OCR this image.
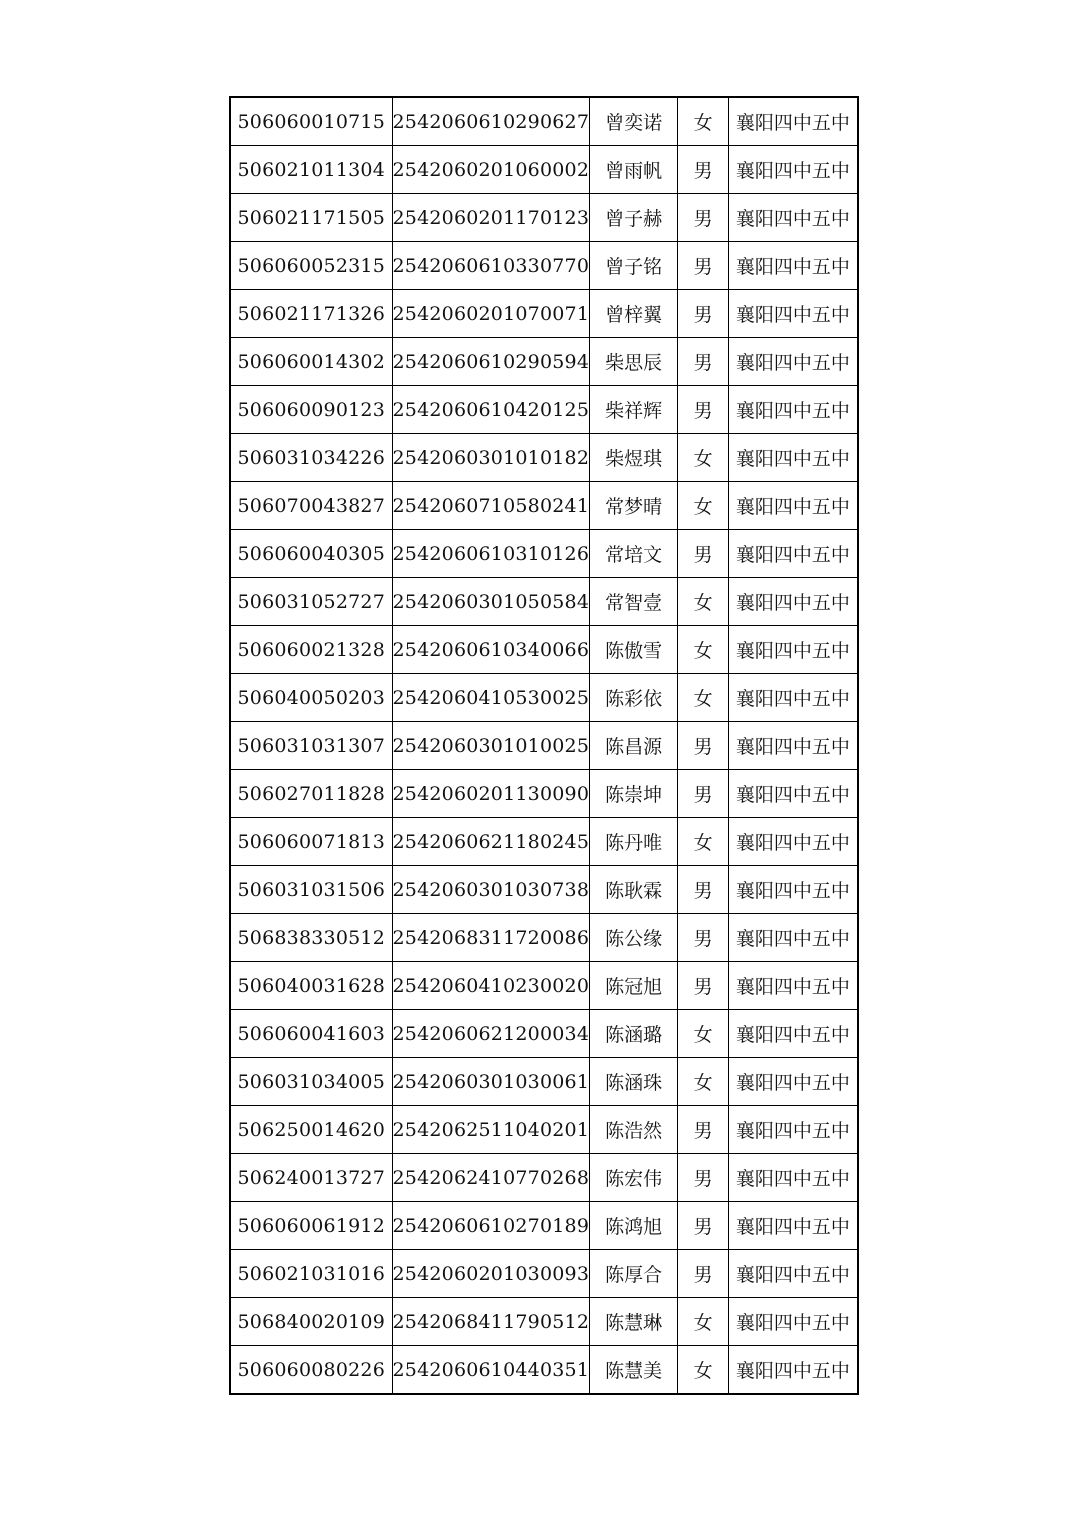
506060010715	2542060610290627	曾奕诺	女	襄阳四中五中
506021011304	2542060201060002	曾雨帆	男	襄阳四中五中
506021171505	2542060201170123	曾子赫	男	襄阳四中五中
506060052315	2542060610330770	曾子铭	男	襄阳四中五中
506021171326	2542060201070071	曾梓翼	男	襄阳四中五中
506060014302	2542060610290594	柴思辰	男	襄阳四中五中
506060090123	2542060610420125	柴祥辉	男	襄阳四中五中
506031034226	2542060301010182	柴煜琪	女	襄阳四中五中
506070043827	2542060710580241	常梦晴	女	襄阳四中五中
506060040305	2542060610310126	常培文	男	襄阳四中五中
506031052727	2542060301050584	常智壹	女	襄阳四中五中
506060021328	2542060610340066	陈傲雪	女	襄阳四中五中
506040050203	2542060410530025	陈彩依	女	襄阳四中五中
506031031307	2542060301010025	陈昌源	男	襄阳四中五中
506027011828	2542060201130090	陈崇坤	男	襄阳四中五中
506060071813	2542060621180245	陈丹唯	女	襄阳四中五中
506031031506	2542060301030738	陈耿霖	男	襄阳四中五中
506838330512	2542068311720086	陈公缘	男	襄阳四中五中
506040031628	2542060410230020	陈冠旭	男	襄阳四中五中
506060041603	2542060621200034	陈涵璐	女	襄阳四中五中
506031034005	2542060301030061	陈涵珠	女	襄阳四中五中
506250014620	2542062511040201	陈浩然	男	襄阳四中五中
506240013727	2542062410770268	陈宏伟	男	襄阳四中五中
506060061912	2542060610270189	陈鸿旭	男	襄阳四中五中
506021031016	2542060201030093	陈厚合	男	襄阳四中五中
506840020109	2542068411790512	陈慧琳	女	襄阳四中五中
506060080226	2542060610440351	陈慧美	女	襄阳四中五中
